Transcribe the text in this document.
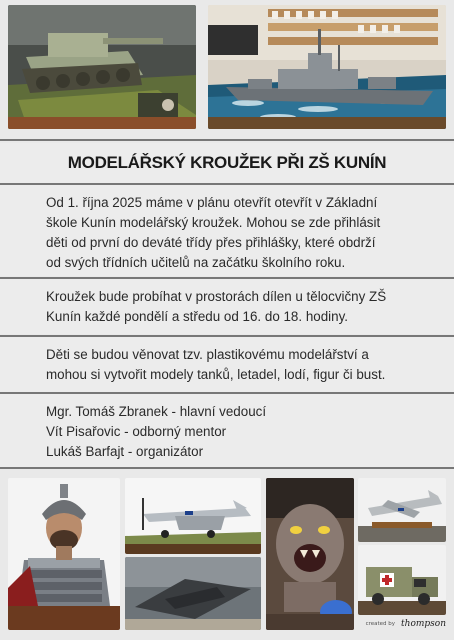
MODELÁŘSKÝ KROUŽEK PŘI ZŠ KUNÍN

Od 1. října 2025 máme v plánu otevřít otevřít v Základní
škole Kunín modelářský kroužek. Mohou se zde přihlásit
děti od první do deváté třídy přes přihlášky, které obdrží
od svých třídních učitelů na začátku školního roku.

Kroužek bude probíhat v prostorách dílen u tělocvičny ZŠ
Kunín každé pondělí a středu od 16. do 18. hodiny.

Děti se budou věnovat tzv. plastikovému modelářství a
mohou si vytvořit modely tanků, letadel, lodí, figur či bust.

Mgr. Tomáš Zbranek - hlavní vedoucí
Vít Pisařovic - odborný mentor
Lukáš Barfajt - organizátor

created by thompson
